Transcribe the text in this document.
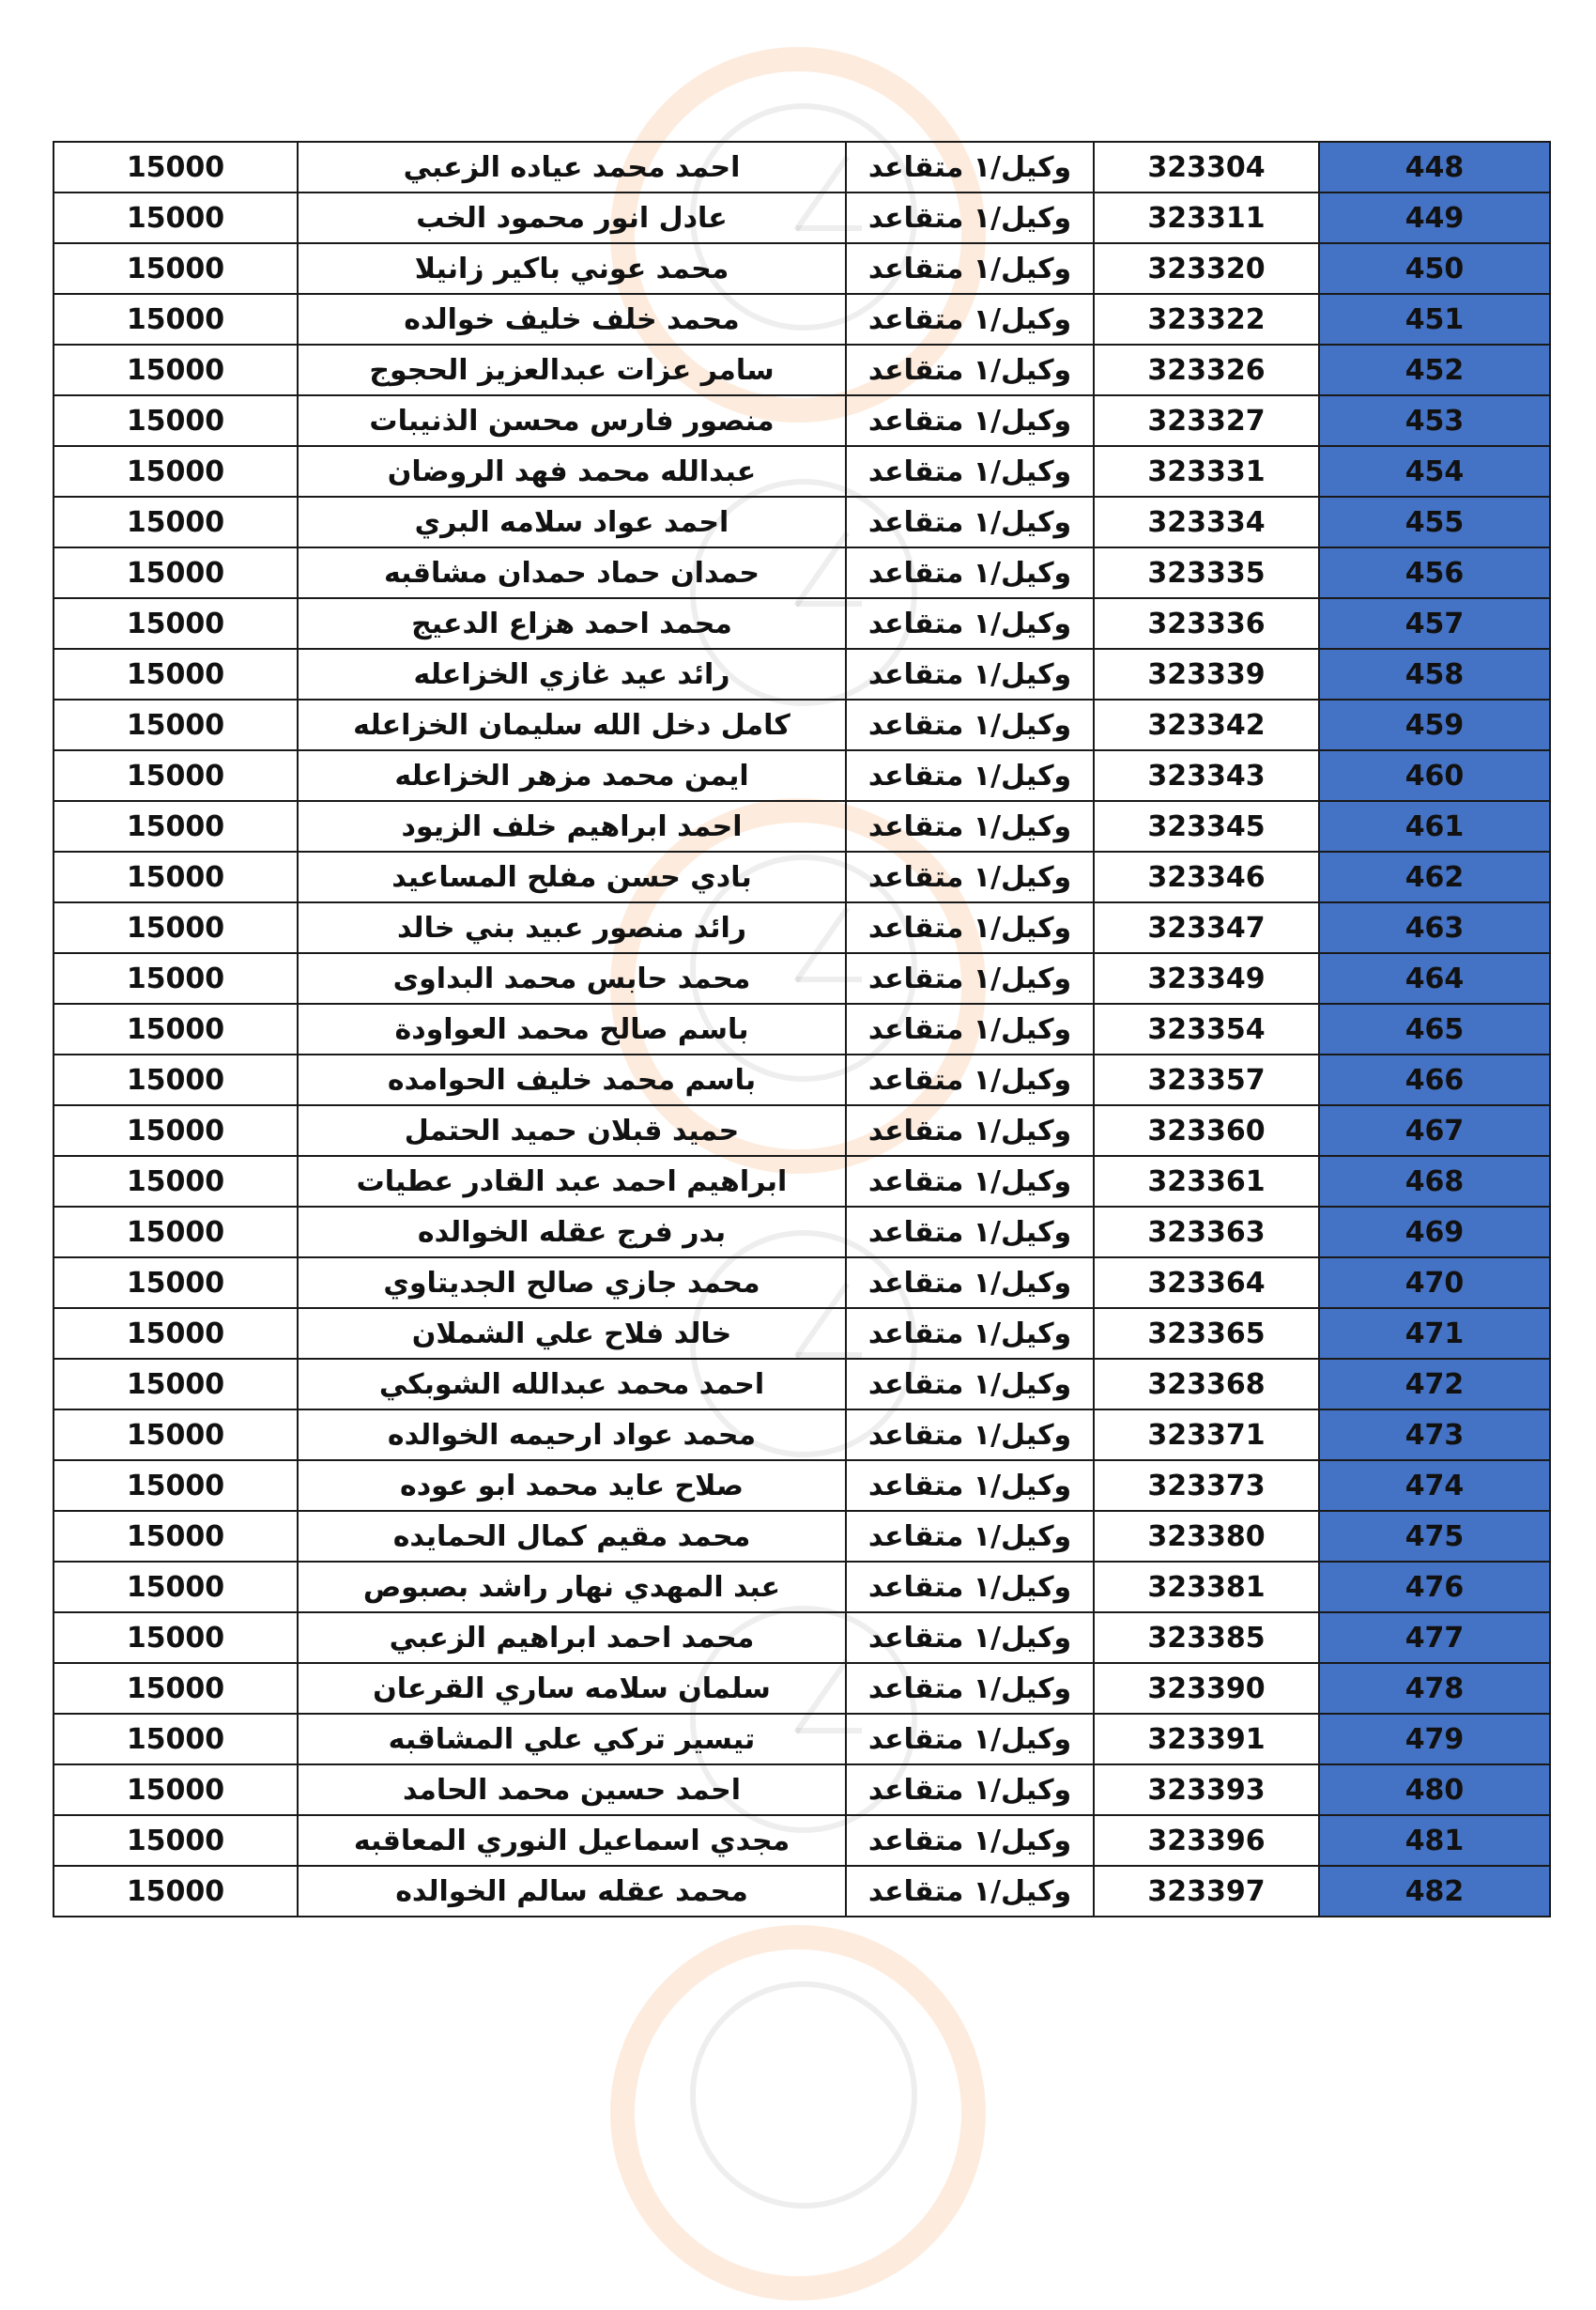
15000	احمد محمد عياده الزعبي	وكيل/١ متقاعد	323304	448
15000	عادل انور محمود الخب	وكيل/١ متقاعد	323311	449
15000	محمد عوني باكير زانيلا	وكيل/١ متقاعد	323320	450
15000	محمد خلف خليف خوالده	وكيل/١ متقاعد	323322	451
15000	سامر عزات عبدالعزيز الحجوج	وكيل/١ متقاعد	323326	452
15000	منصور فارس محسن الذنيبات	وكيل/١ متقاعد	323327	453
15000	عبدالله محمد فهد الروضان	وكيل/١ متقاعد	323331	454
15000	احمد عواد سلامه البري	وكيل/١ متقاعد	323334	455
15000	حمدان حماد حمدان مشاقبه	وكيل/١ متقاعد	323335	456
15000	محمد احمد هزاع الدعيج	وكيل/١ متقاعد	323336	457
15000	رائد عيد غازي الخزاعله	وكيل/١ متقاعد	323339	458
15000	كامل دخل الله سليمان الخزاعله	وكيل/١ متقاعد	323342	459
15000	ايمن محمد مزهر الخزاعله	وكيل/١ متقاعد	323343	460
15000	احمد ابراهيم خلف الزيود	وكيل/١ متقاعد	323345	461
15000	بادي حسن مفلح المساعيد	وكيل/١ متقاعد	323346	462
15000	رائد منصور عبيد بني خالد	وكيل/١ متقاعد	323347	463
15000	محمد حابس محمد البداوى	وكيل/١ متقاعد	323349	464
15000	باسم صالح محمد العواودة	وكيل/١ متقاعد	323354	465
15000	باسم محمد خليف الحوامده	وكيل/١ متقاعد	323357	466
15000	حميد قبلان حميد الحتمل	وكيل/١ متقاعد	323360	467
15000	ابراهيم احمد عبد القادر عطيات	وكيل/١ متقاعد	323361	468
15000	بدر فرج عقله الخوالده	وكيل/١ متقاعد	323363	469
15000	محمد جازي صالح الجديتاوي	وكيل/١ متقاعد	323364	470
15000	خالد فلاح علي الشملان	وكيل/١ متقاعد	323365	471
15000	احمد محمد عبدالله الشوبكي	وكيل/١ متقاعد	323368	472
15000	محمد عواد ارحيمه الخوالده	وكيل/١ متقاعد	323371	473
15000	صلاح عايد محمد ابو عوده	وكيل/١ متقاعد	323373	474
15000	محمد مقيم كمال الحمايده	وكيل/١ متقاعد	323380	475
15000	عبد المهدي نهار راشد بصبوص	وكيل/١ متقاعد	323381	476
15000	محمد احمد ابراهيم الزعبي	وكيل/١ متقاعد	323385	477
15000	سلمان سلامه ساري القرعان	وكيل/١ متقاعد	323390	478
15000	تيسير تركي علي المشاقبه	وكيل/١ متقاعد	323391	479
15000	احمد حسين محمد الحامد	وكيل/١ متقاعد	323393	480
15000	مجدي اسماعيل النوري المعاقبه	وكيل/١ متقاعد	323396	481
15000	محمد عقله سالم الخوالده	وكيل/١ متقاعد	323397	482
